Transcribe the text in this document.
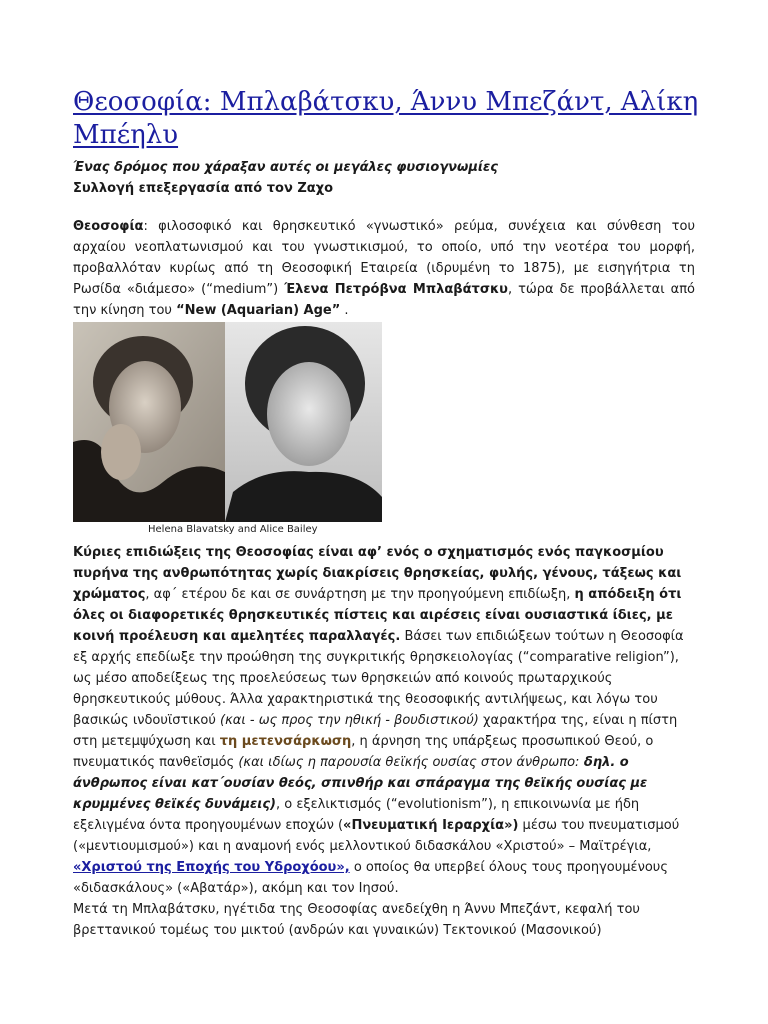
Θεοσοφία: Μπλαβάτσκυ, Άννυ Μπεζάντ, Αλίκη Μπέηλυ
Ένας δρόμος που χάραξαν αυτές οι μεγάλες φυσιογνωμίες
Συλλογή επεξεργασία από τον Ζαχο

Θεοσοφία: φιλοσοφικό και θρησκευτικό «γνωστικό» ρεύμα, συνέχεια και σύνθεση του αρχαίου νεοπλατωνισμού και του γνωστικισμού, το οποίο, υπό την νεοτέρα του μορφή, προβαλλόταν κυρίως από τη Θεοσοφική Εταιρεία (ιδρυμένη το 1875), με εισηγήτρια τη Ρωσίδα «διάμεσο» (“medium”) Έλενα Πετρόβνα Μπλαβάτσκυ, τώρα δε προβάλλεται από την κίνηση του “New (Aquarian) Age” .

Helena Blavatsky and Alice Bailey

Κύριες επιδιώξεις της Θεοσοφίας είναι αφ’ ενός ο σχηματισμός ενός παγκοσμίου πυρήνα της ανθρωπότητας χωρίς διακρίσεις θρησκείας, φυλής, γένους, τάξεως και χρώματος, αφ΄ ετέρου δε και σε συνάρτηση με την προηγούμενη επιδίωξη, η απόδειξη ότι όλες οι διαφορετικές θρησκευτικές πίστεις και αιρέσεις είναι ουσιαστικά ίδιες, με κοινή προέλευση και αμελητέες παραλλαγές. Βάσει των επιδιώξεων τούτων η Θεοσοφία εξ αρχής επεδίωξε την προώθηση της συγκριτικής θρησκειολογίας (“comparative religion”), ως μέσο αποδείξεως της προελεύσεως των θρησκειών από κοινούς πρωταρχικούς θρησκευτικούς μύθους. Άλλα χαρακτηριστικά της θεοσοφικής αντιλήψεως, και λόγω του βασικώς ινδουϊστικού (και - ως προς την ηθική - βουδιστικού) χαρακτήρα της, είναι η πίστη στη μετεμψύχωση και τη μετενσάρκωση, η άρνηση της υπάρξεως προσωπικού Θεού, ο πνευματικός πανθεϊσμός (και ιδίως η παρουσία θεϊκής ουσίας στον άνθρωπο: δηλ. ο άνθρωπος είναι κατ΄ουσίαν θεός, σπινθήρ και σπάραγμα της θεϊκής ουσίας με κρυμμένες θεϊκές δυνάμεις), ο εξελικτισμός (“evolutionism”), η επικοινωνία με ήδη εξελιγμένα όντα προηγουμένων εποχών («Πνευματική Ιεραρχία») μέσω του πνευματισμού («μεντιουμισμού») και η αναμονή ενός μελλοντικού διδασκάλου «Χριστού» – Μαϊτρέγια, «Χριστού της Εποχής του Υδροχόου», ο οποίος θα υπερβεί όλους τους προηγουμένους «διδασκάλους» («Αβατάρ»), ακόμη και τον Ιησού.
Μετά τη Μπλαβάτσκυ, ηγέτιδα της Θεοσοφίας ανεδείχθη η Άννυ Μπεζάντ, κεφαλή του βρεττανικού τομέως του μικτού (ανδρών και γυναικών) Τεκτονικού (Μασονικού)
